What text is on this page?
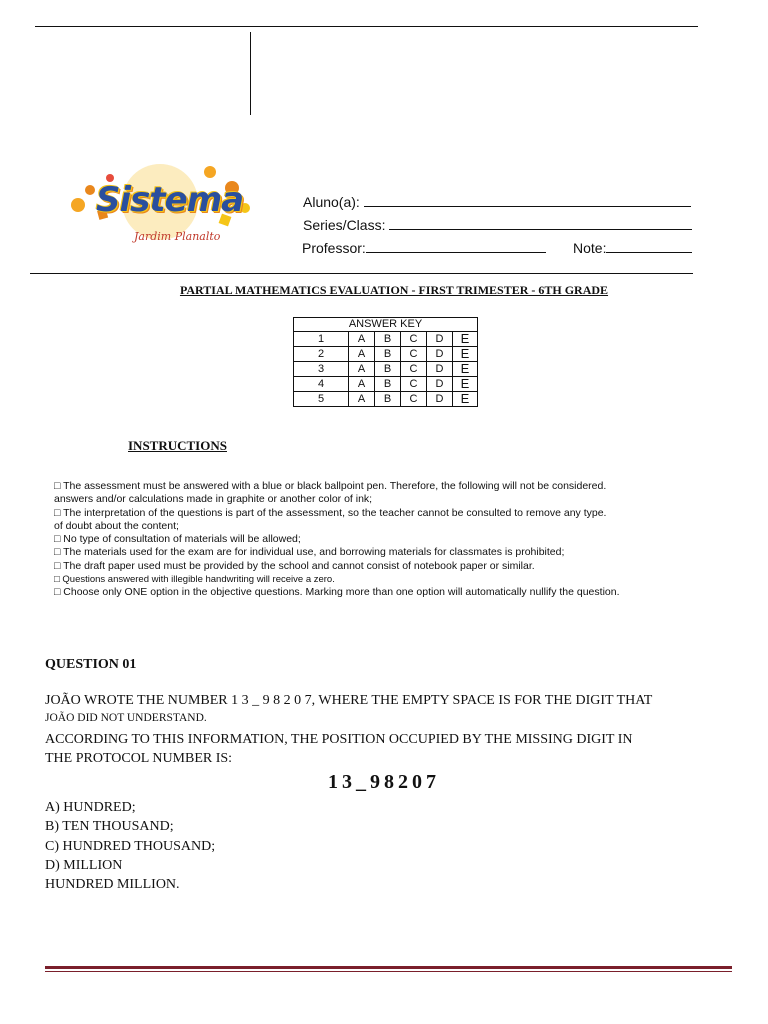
Sistema
Jardim Planalto
Aluno(a):
Series/Class:
Professor:	Note:
PARTIAL MATHEMATICS EVALUATION - FIRST TRIMESTER - 6TH GRADE
ANSWER KEY					
1	A	B	C	D	E
2	A	B	C	D	E
3	A	B	C	D	E
4	A	B	C	D	E
5	A	B	C	D	E
INSTRUCTIONS
□ The assessment must be answered with a blue or black ballpoint pen. Therefore, the following will not be considered.
answers and/or calculations made in graphite or another color of ink;
□ The interpretation of the questions is part of the assessment, so the teacher cannot be consulted to remove any type.
of doubt about the content;
□ No type of consultation of materials will be allowed;
□ The materials used for the exam are for individual use, and borrowing materials for classmates is prohibited;
□ The draft paper used must be provided by the school and cannot consist of notebook paper or similar.
□ Questions answered with illegible handwriting will receive a zero.
□ Choose only ONE option in the objective questions. Marking more than one option will automatically nullify the question.
QUESTION 01
JOÃO WROTE THE NUMBER 1 3 _ 9 8 2 0 7, WHERE THE EMPTY SPACE IS FOR THE DIGIT THAT
JOÃO DID NOT UNDERSTAND.
ACCORDING TO THIS INFORMATION, THE POSITION OCCUPIED BY THE MISSING DIGIT IN
THE PROTOCOL NUMBER IS:
13_98207
A) HUNDRED;
B) TEN THOUSAND;
C) HUNDRED THOUSAND;
D) MILLION
HUNDRED MILLION.
